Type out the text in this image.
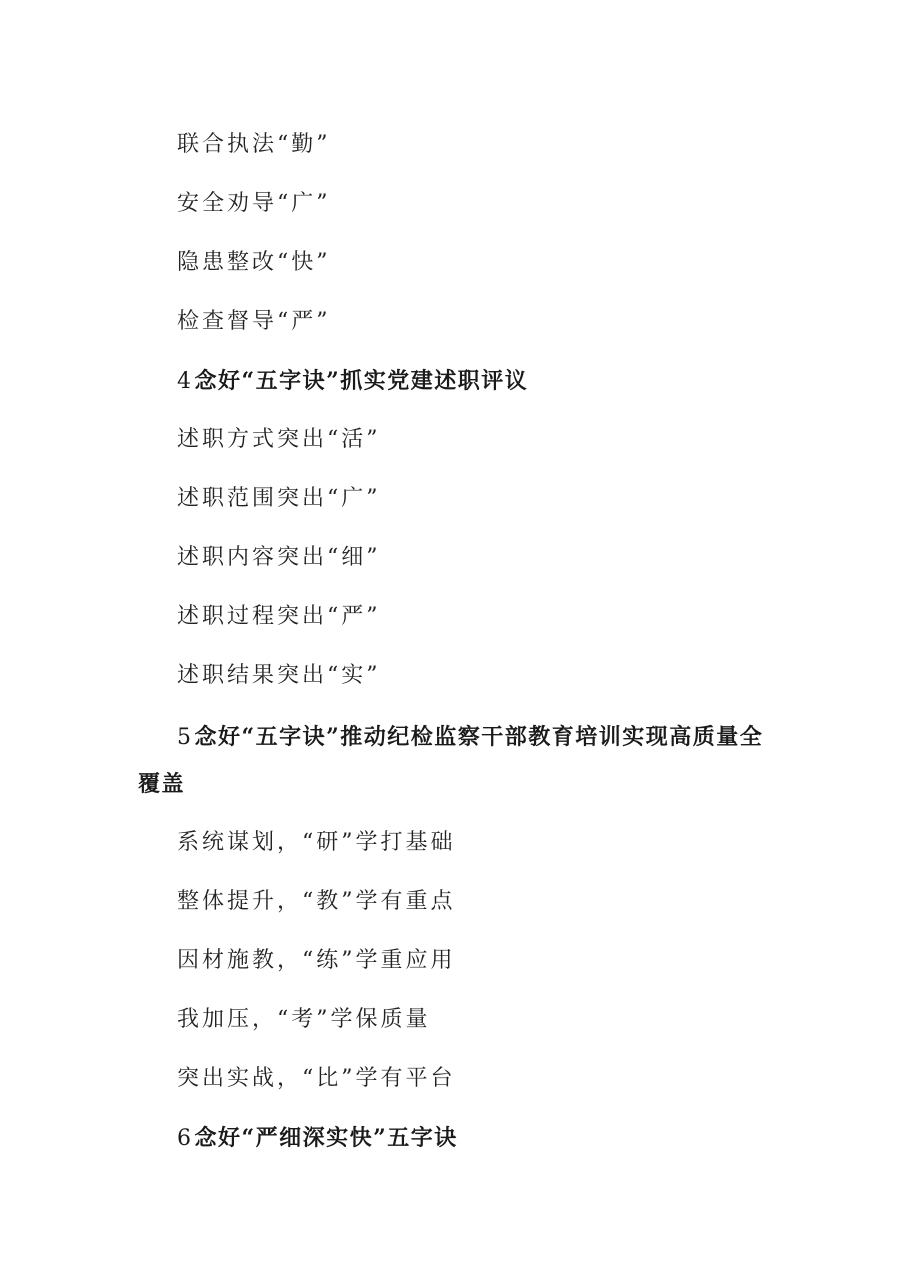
联合执法“勤”
安全劝导“广”
隐患整改“快”
检查督导“严”
4念好“五字诀”抓实党建述职评议
述职方式突出“活”
述职范围突出“广”
述职内容突出“细”
述职过程突出“严”
述职结果突出“实”
5念好“五字诀”推动纪检监察干部教育培训实现高质量全覆盖
系统谋划，“研”学打基础
整体提升，“教”学有重点
因材施教，“练”学重应用
我加压，“考”学保质量
突出实战，“比”学有平台
6念好“严细深实快”五字诀
